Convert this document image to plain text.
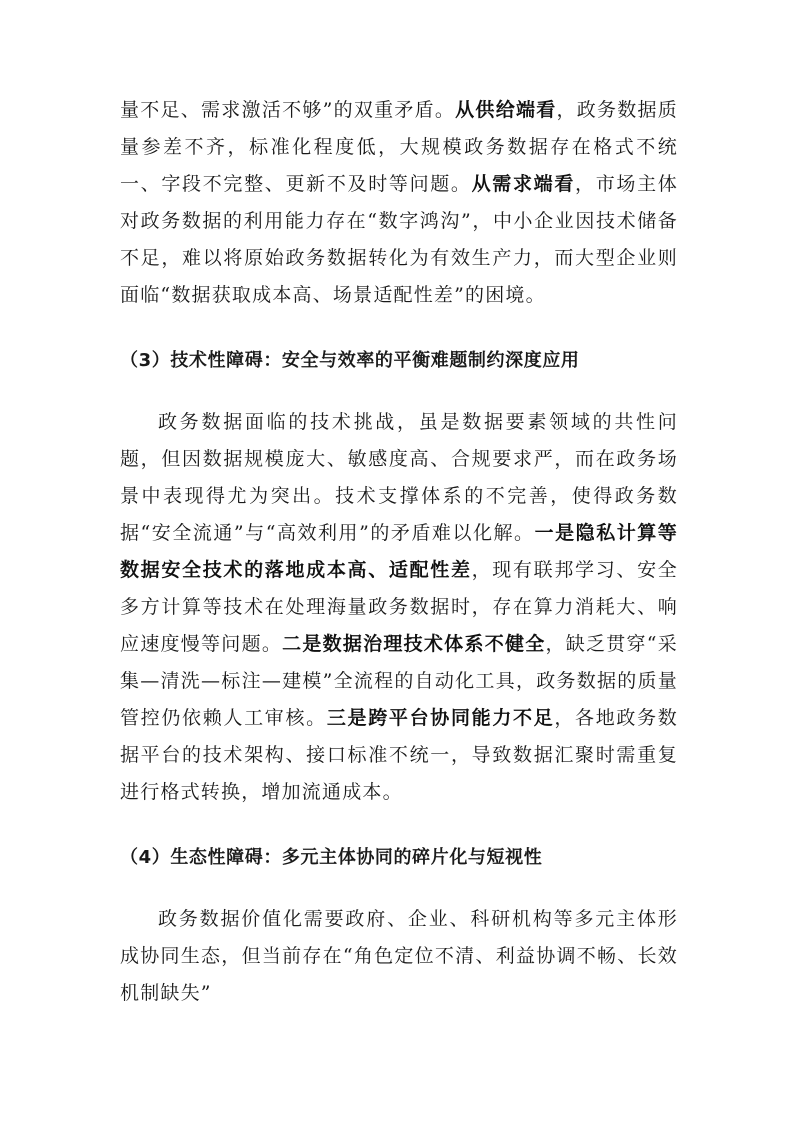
量不足、需求激活不够”的双重矛盾。从供给端看，政务数据质量参差不齐，标准化程度低，大规模政务数据存在格式不统一、字段不完整、更新不及时等问题。从需求端看，市场主体对政务数据的利用能力存在“数字鸿沟”，中小企业因技术储备不足，难以将原始政务数据转化为有效生产力，而大型企业则面临“数据获取成本高、场景适配性差”的困境。

（3）技术性障碍：安全与效率的平衡难题制约深度应用

政务数据面临的技术挑战，虽是数据要素领域的共性问题，但因数据规模庞大、敏感度高、合规要求严，而在政务场景中表现得尤为突出。技术支撑体系的不完善，使得政务数据“安全流通”与“高效利用”的矛盾难以化解。一是隐私计算等数据安全技术的落地成本高、适配性差，现有联邦学习、安全多方计算等技术在处理海量政务数据时，存在算力消耗大、响应速度慢等问题。二是数据治理技术体系不健全，缺乏贯穿“采集—清洗—标注—建模”全流程的自动化工具，政务数据的质量管控仍依赖人工审核。三是跨平台协同能力不足，各地政务数据平台的技术架构、接口标准不统一，导致数据汇聚时需重复进行格式转换，增加流通成本。

（4）生态性障碍：多元主体协同的碎片化与短视性

政务数据价值化需要政府、企业、科研机构等多元主体形成协同生态，但当前存在“角色定位不清、利益协调不畅、长效机制缺失”
